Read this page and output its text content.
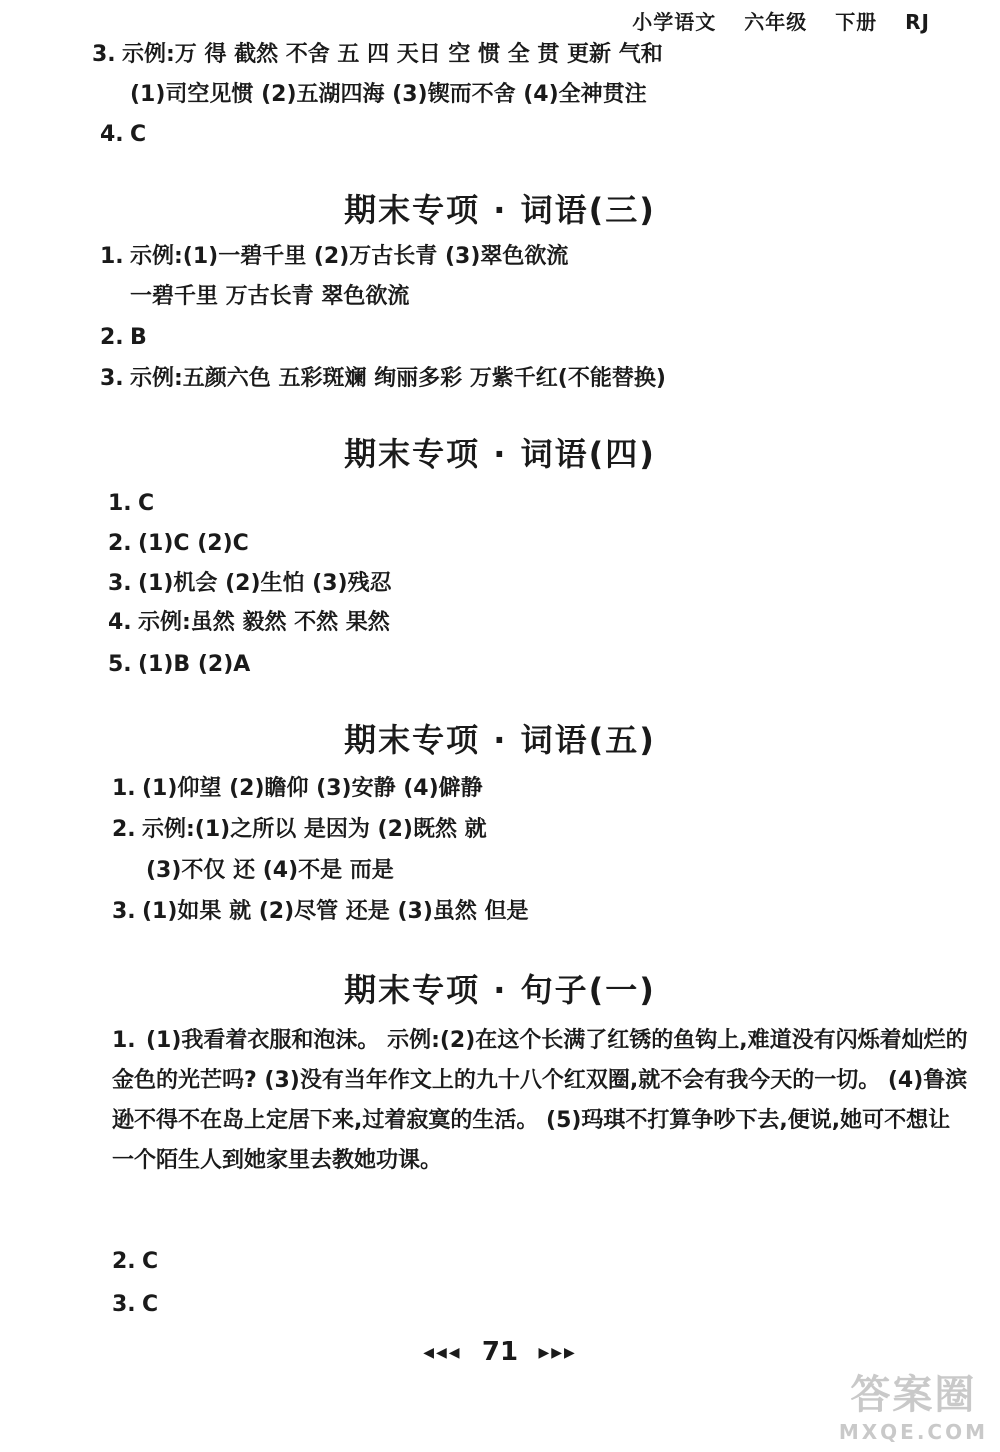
小学语文 六年级 下册 RJ
3. 示例:万 得 截然 不舍 五 四 天日 空 惯 全 贯 更新 气和
(1)司空见惯 (2)五湖四海 (3)锲而不舍 (4)全神贯注
4. C
期末专项 · 词语(三)
1. 示例:(1)一碧千里 (2)万古长青 (3)翠色欲流
一碧千里 万古长青 翠色欲流
2. B
3. 示例:五颜六色 五彩斑斓 绚丽多彩 万紫千红(不能替换)
期末专项 · 词语(四)
1. C
2. (1)C (2)C
3. (1)机会 (2)生怕 (3)残忍
4. 示例:虽然 毅然 不然 果然
5. (1)B (2)A
期末专项 · 词语(五)
1. (1)仰望 (2)瞻仰 (3)安静 (4)僻静
2. 示例:(1)之所以 是因为 (2)既然 就
(3)不仅 还 (4)不是 而是
3. (1)如果 就 (2)尽管 还是 (3)虽然 但是
期末专项 · 句子(一)
1. (1)我看着衣服和泡沫。 示例:(2)在这个长满了红锈的鱼钩上,难道没有闪烁着灿烂的金色的光芒吗? (3)没有当年作文上的九十八个红双圈,就不会有我今天的一切。 (4)鲁滨逊不得不在岛上定居下来,过着寂寞的生活。 (5)玛琪不打算争吵下去,便说,她可不想让一个陌生人到她家里去教她功课。
2. C
3. C
◀◀◀ 71 ▶▶▶
答案圈
MXQE.COM
